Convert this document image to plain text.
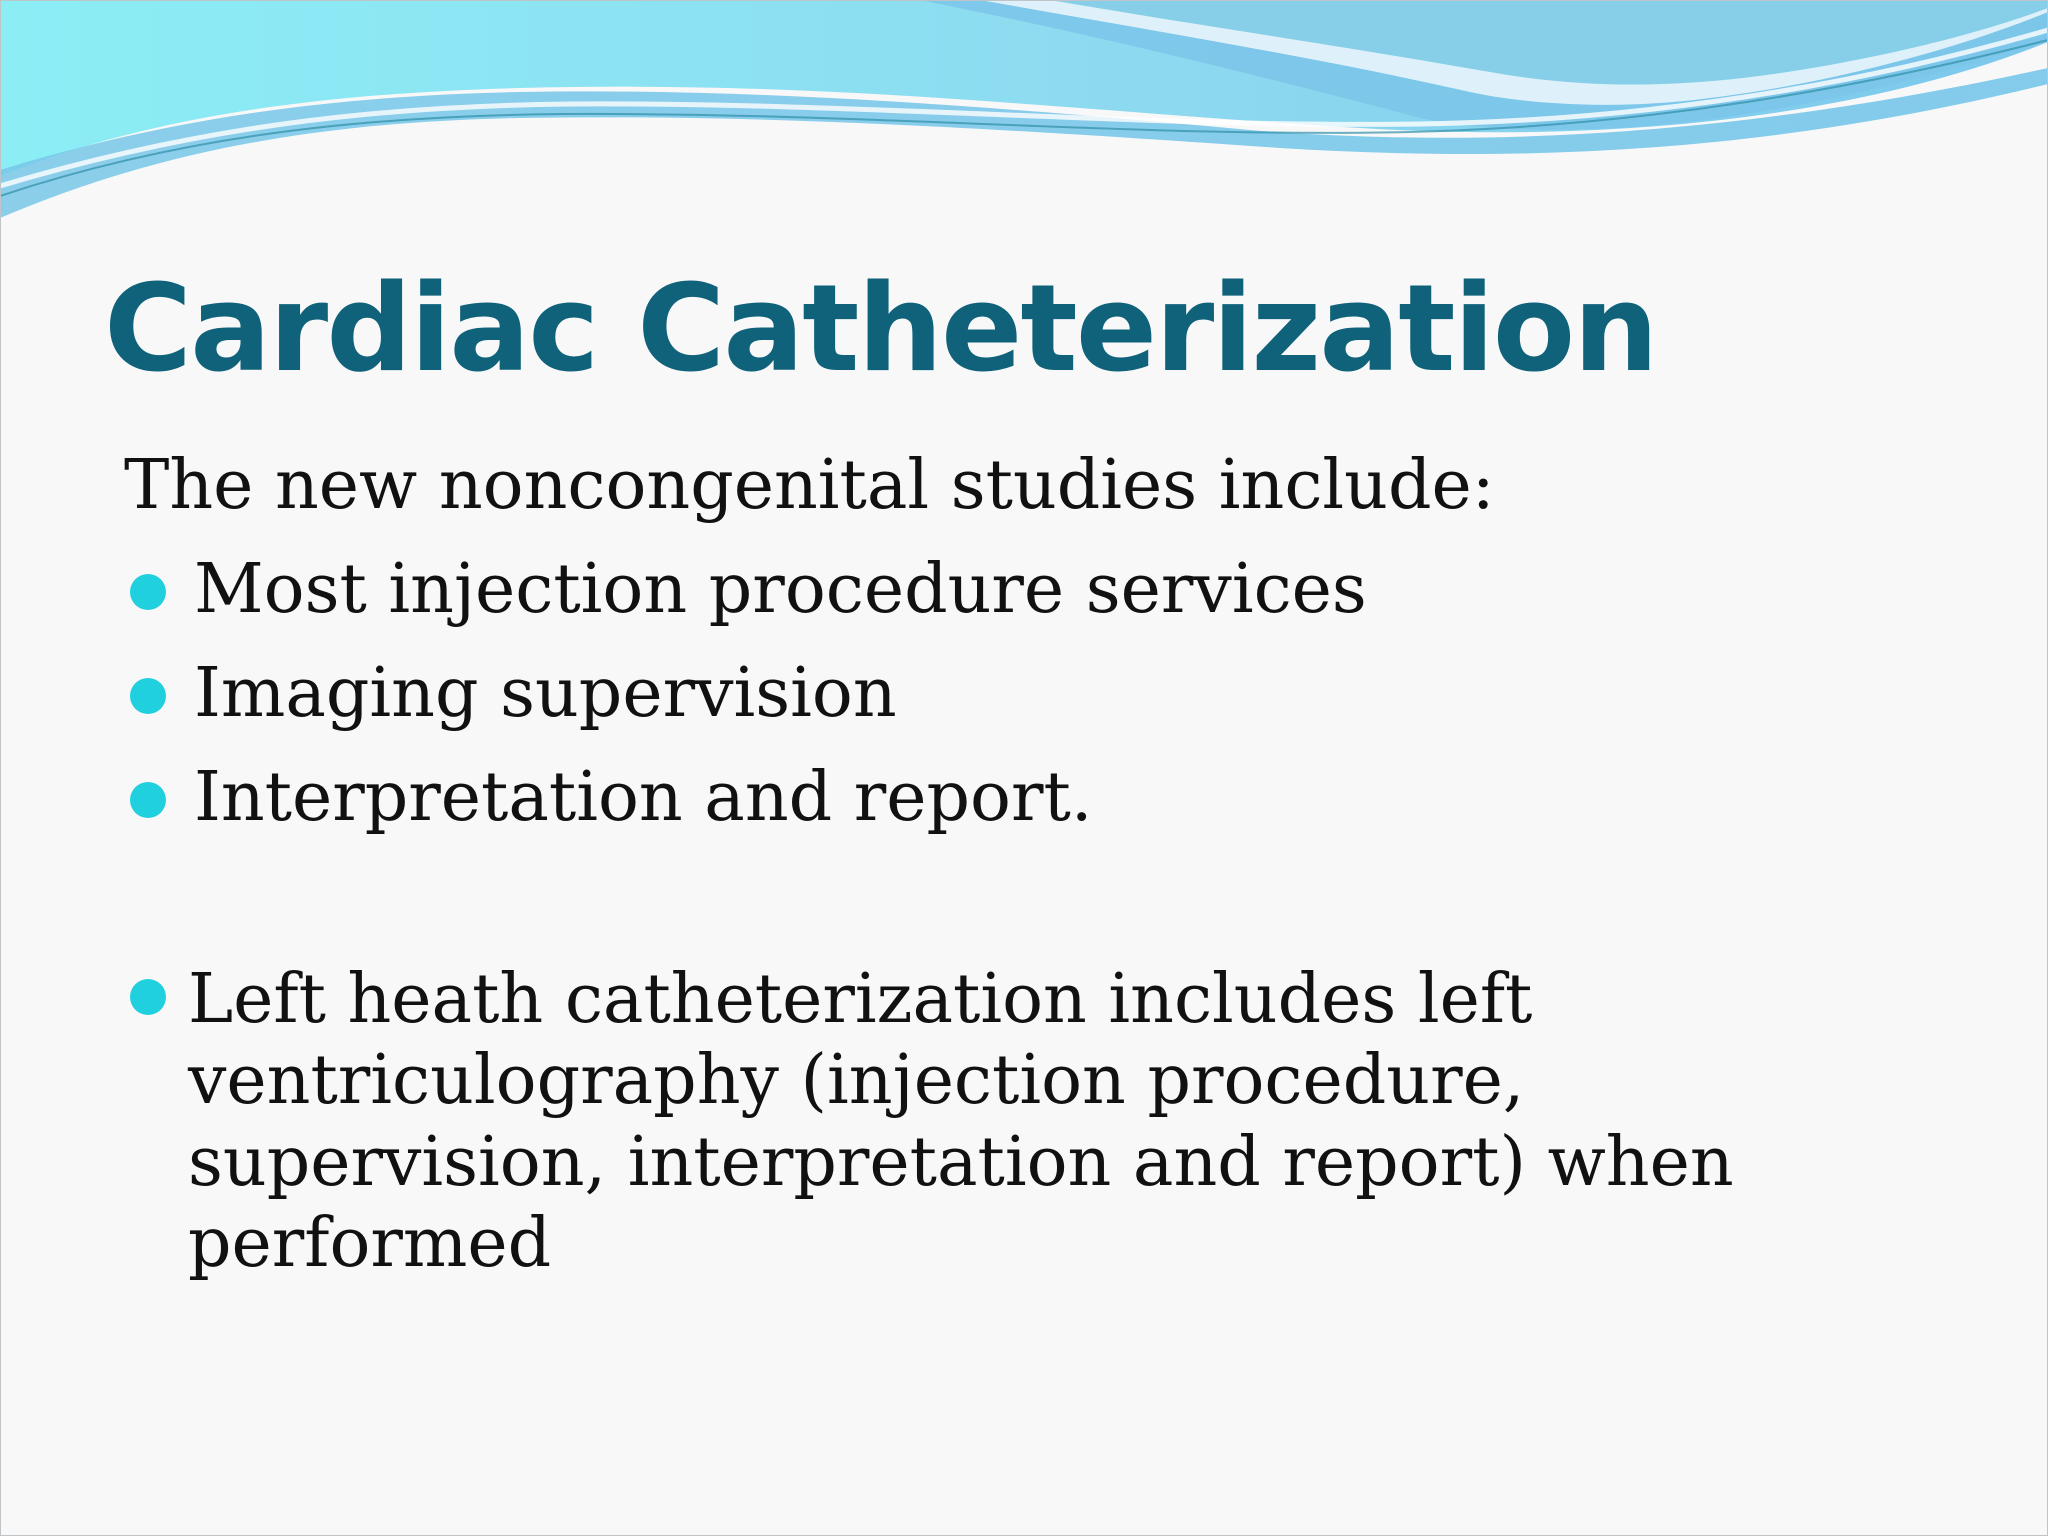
Cardiac Catheterization

The new noncongenital studies include:

Most injection procedure services
Imaging supervision
Interpretation and report.
Left heath catheterization includes left ventriculography (injection procedure, supervision, interpretation and report) when performed
